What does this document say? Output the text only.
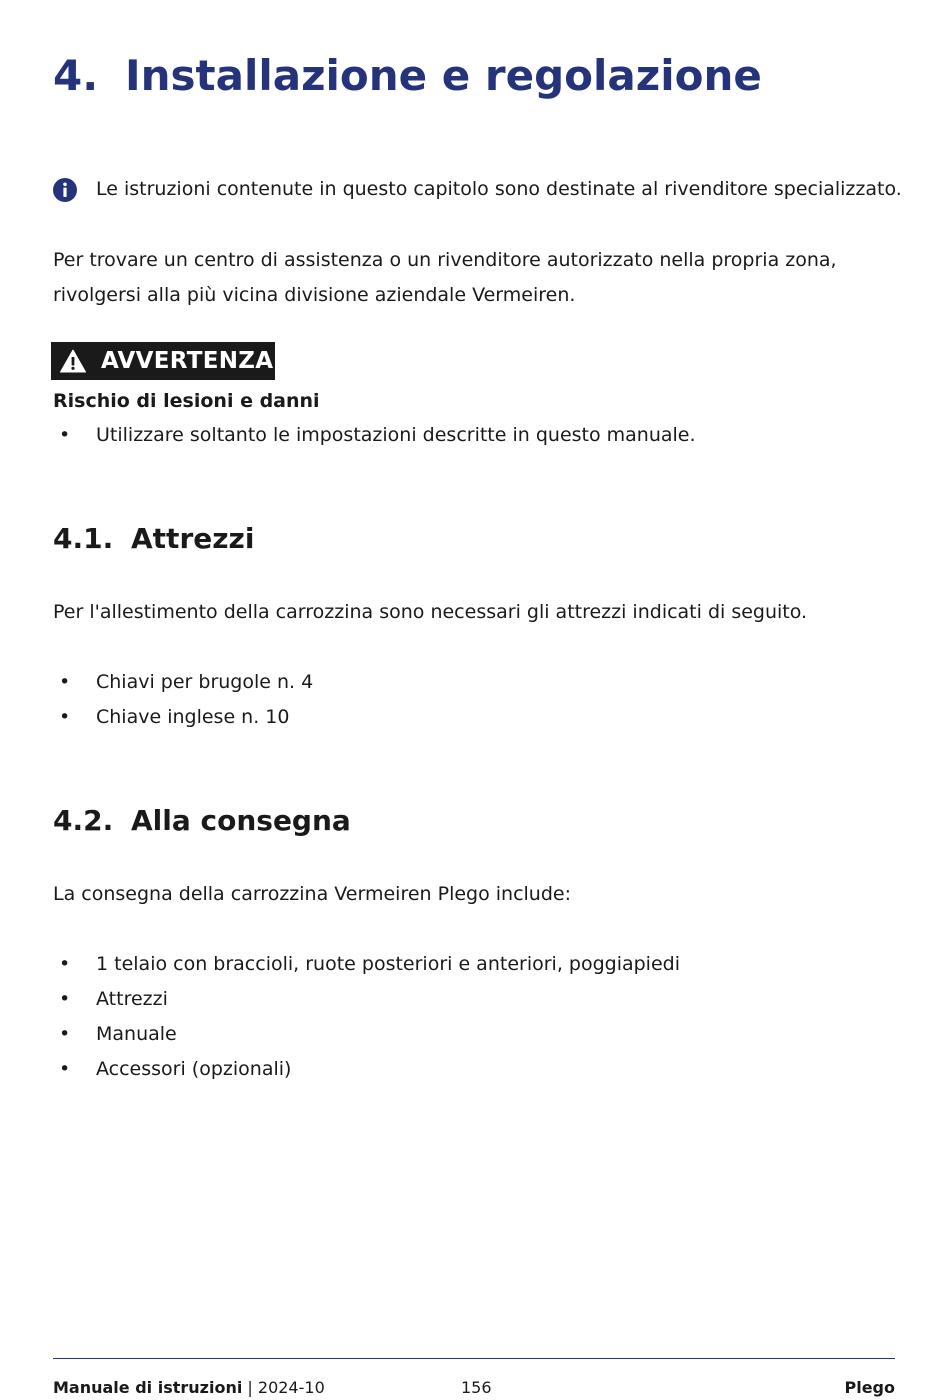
4. Installazione e regolazione
Le istruzioni contenute in questo capitolo sono destinate al rivenditore specializzato.

Per trovare un centro di assistenza o un rivenditore autorizzato nella propria zona, rivolgersi alla più vicina divisione aziendale Vermeiren.

AVVERTENZA
Rischio di lesioni e danni
• Utilizzare soltanto le impostazioni descritte in questo manuale.
4.1. Attrezzi

Per l'allestimento della carrozzina sono necessari gli attrezzi indicati di seguito.

• Chiavi per brugole n. 4
• Chiave inglese n. 10
4.2. Alla consegna

La consegna della carrozzina Vermeiren Plego include:

• 1 telaio con braccioli, ruote posteriori e anteriori, poggiapiedi
• Attrezzi
• Manuale
• Accessori (opzionali)
Manuale di istruzioni | 2024-10	156	Plego
